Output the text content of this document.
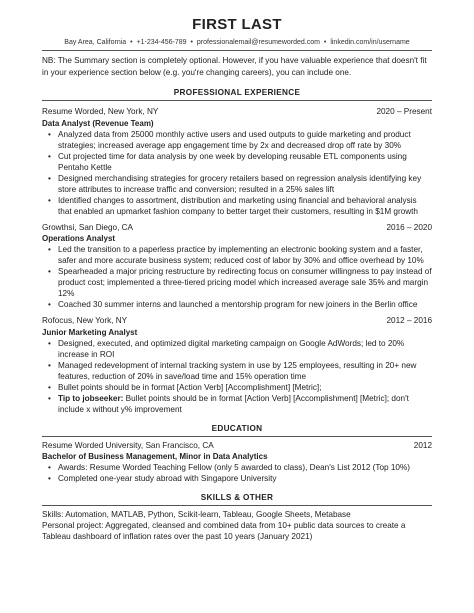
FIRST LAST
Bay Area, California • +1-234-456-789 • professionalemail@resumeworded.com • linkedin.com/in/username
NB: The Summary section is completely optional. However, if you have valuable experience that doesn't fit in your experience section below (e.g. you're changing careers), you can include one.
PROFESSIONAL EXPERIENCE
Resume Worded, New York, NY	2020 – Present
Data Analyst (Revenue Team)
• Analyzed data from 25000 monthly active users and used outputs to guide marketing and product strategies; increased average app engagement time by 2x and decreased drop off rate by 30%
• Cut projected time for data analysis by one week by developing reusable ETL components using Pentaho Kettle
• Designed merchandising strategies for grocery retailers based on regression analysis identifying key store attributes to increase traffic and conversion; resulted in a 25% sales lift
• Identified changes to assortment, distribution and marketing using financial and behavioral analysis that enabled an upmarket fashion company to better target their customers, resulting in $1M growth
Growthsi, San Diego, CA	2016 – 2020
Operations Analyst
• Led the transition to a paperless practice by implementing an electronic booking system and a faster, safer and more accurate business system; reduced cost of labor by 30% and office overhead by 10%
• Spearheaded a major pricing restructure by redirecting focus on consumer willingness to pay instead of product cost; implemented a three-tiered pricing model which increased average sale 35% and margin 12%
• Coached 30 summer interns and launched a mentorship program for new joiners in the Berlin office
Rofocus, New York, NY	2012 – 2016
Junior Marketing Analyst
• Designed, executed, and optimized digital marketing campaign on Google AdWords; led to 20% increase in ROI
• Managed redevelopment of internal tracking system in use by 125 employees, resulting in 20+ new features, reduction of 20% in save/load time and 15% operation time
• Bullet points should be in format [Action Verb] [Accomplishment] [Metric];
• Tip to jobseeker: Bullet points should be in format [Action Verb] [Accomplishment] [Metric]; don't include x without y% improvement
EDUCATION
Resume Worded University, San Francisco, CA	2012
Bachelor of Business Management, Minor in Data Analytics
• Awards: Resume Worded Teaching Fellow (only 5 awarded to class), Dean's List 2012 (Top 10%)
• Completed one-year study abroad with Singapore University
SKILLS & OTHER
Skills: Automation, MATLAB, Python, Scikit-learn, Tableau, Google Sheets, Metabase
Personal project: Aggregated, cleansed and combined data from 10+ public data sources to create a Tableau dashboard of inflation rates over the past 10 years (January 2021)
